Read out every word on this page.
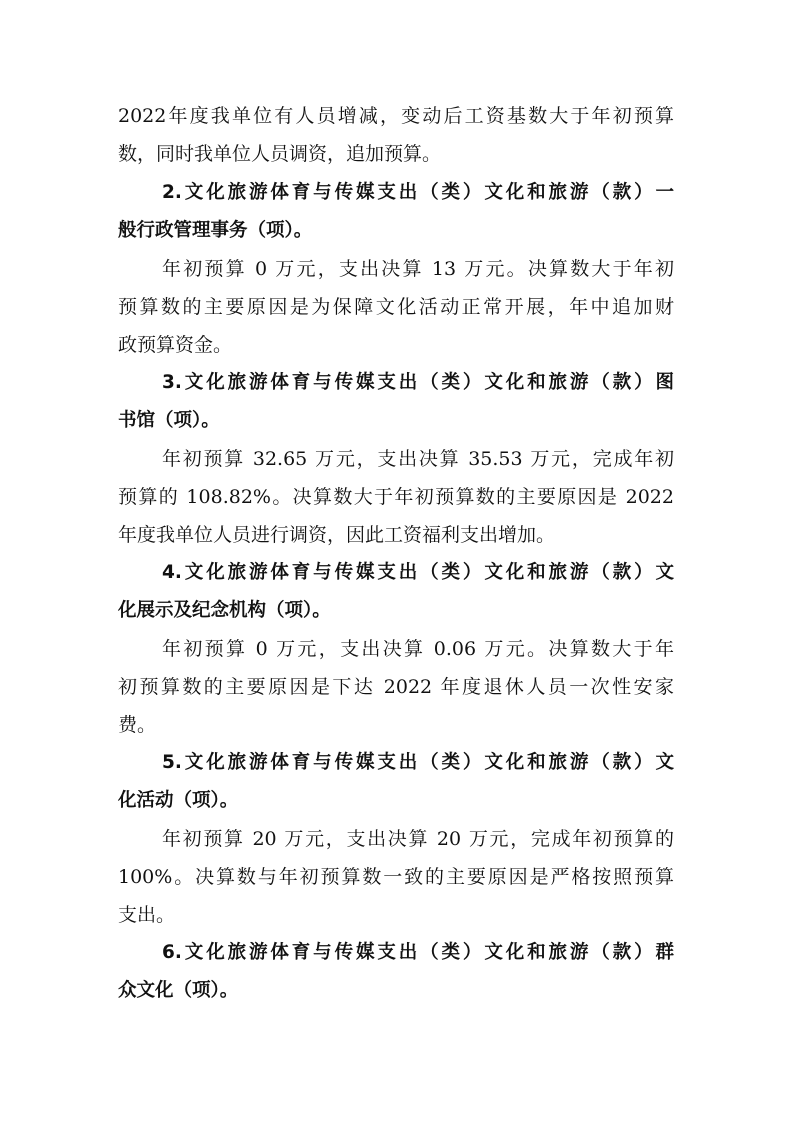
2022年度我单位有人员增减，变动后工资基数大于年初预算
数，同时我单位人员调资，追加预算。
2.文化旅游体育与传媒支出（类）文化和旅游（款）一
般行政管理事务（项）。
年初预算 0 万元，支出决算 13 万元。决算数大于年初
预算数的主要原因是为保障文化活动正常开展，年中追加财
政预算资金。
3.文化旅游体育与传媒支出（类）文化和旅游（款）图
书馆（项）。
年初预算 32.65 万元，支出决算 35.53 万元，完成年初
预算的 108.82%。决算数大于年初预算数的主要原因是 2022
年度我单位人员进行调资，因此工资福利支出增加。
4.文化旅游体育与传媒支出（类）文化和旅游（款）文
化展示及纪念机构（项）。
年初预算 0 万元，支出决算 0.06 万元。决算数大于年
初预算数的主要原因是下达 2022 年度退休人员一次性安家
费。
5.文化旅游体育与传媒支出（类）文化和旅游（款）文
化活动（项）。
年初预算 20 万元，支出决算 20 万元，完成年初预算的
100%。决算数与年初预算数一致的主要原因是严格按照预算
支出。
6.文化旅游体育与传媒支出（类）文化和旅游（款）群
众文化（项）。
